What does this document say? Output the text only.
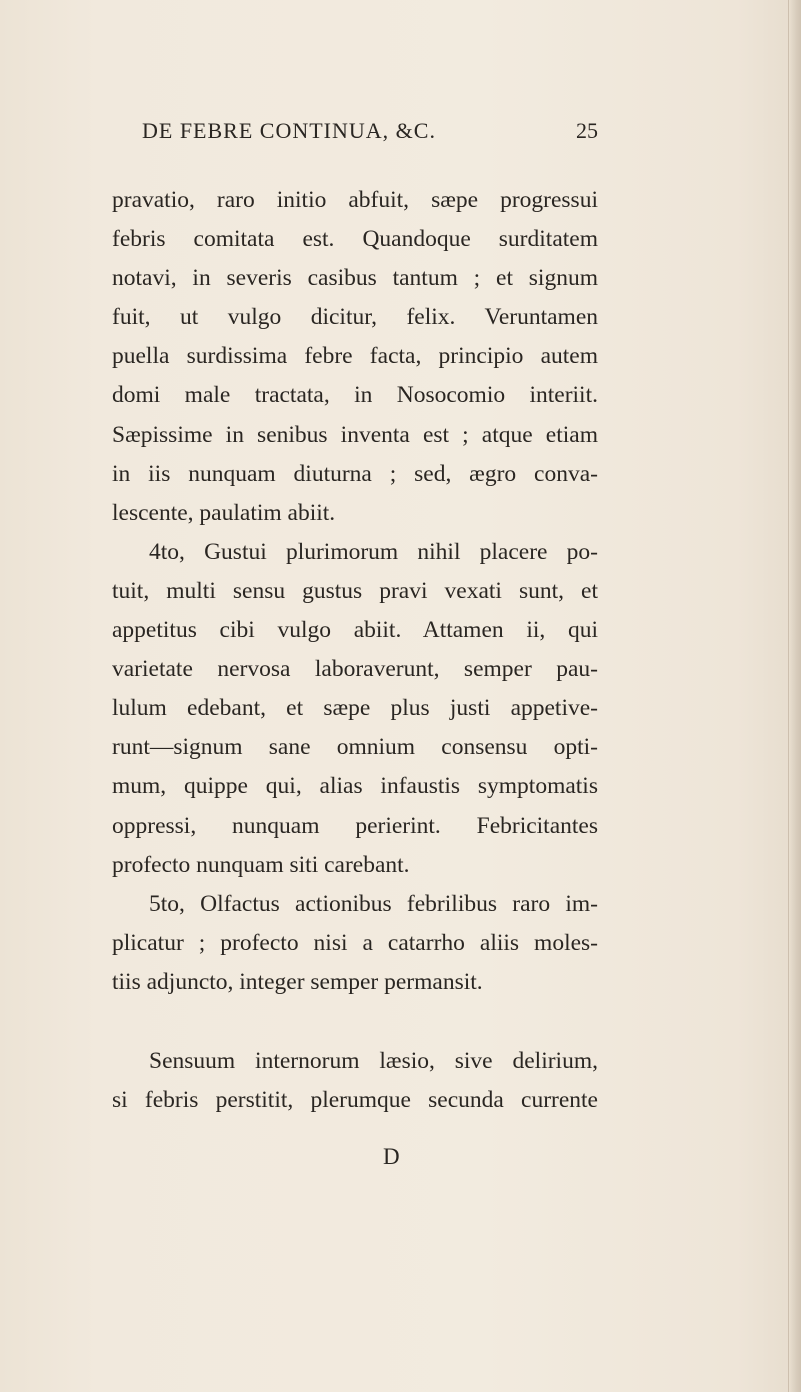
DE FEBRE CONTINUA, &C.	25
pravatio, raro initio abfuit, sæpe progressui
febris comitata est. Quandoque surditatem
notavi, in severis casibus tantum ; et signum
fuit, ut vulgo dicitur, felix. Veruntamen
puella surdissima febre facta, principio autem
domi male tractata, in Nosocomio interiit.
Sæpissime in senibus inventa est ; atque etiam
in iis nunquam diuturna ; sed, ægro conva-
lescente, paulatim abiit.
4to, Gustui plurimorum nihil placere po-
tuit, multi sensu gustus pravi vexati sunt, et
appetitus cibi vulgo abiit. Attamen ii, qui
varietate nervosa laboraverunt, semper pau-
lulum edebant, et sæpe plus justi appetive-
runt—signum sane omnium consensu opti-
mum, quippe qui, alias infaustis symptomatis
oppressi, nunquam perierint. Febricitantes
profecto nunquam siti carebant.
5to, Olfactus actionibus febrilibus raro im-
plicatur ; profecto nisi a catarrho aliis moles-
tiis adjuncto, integer semper permansit.
Sensuum internorum læsio, sive delirium,
si febris perstitit, plerumque secunda currente
D
